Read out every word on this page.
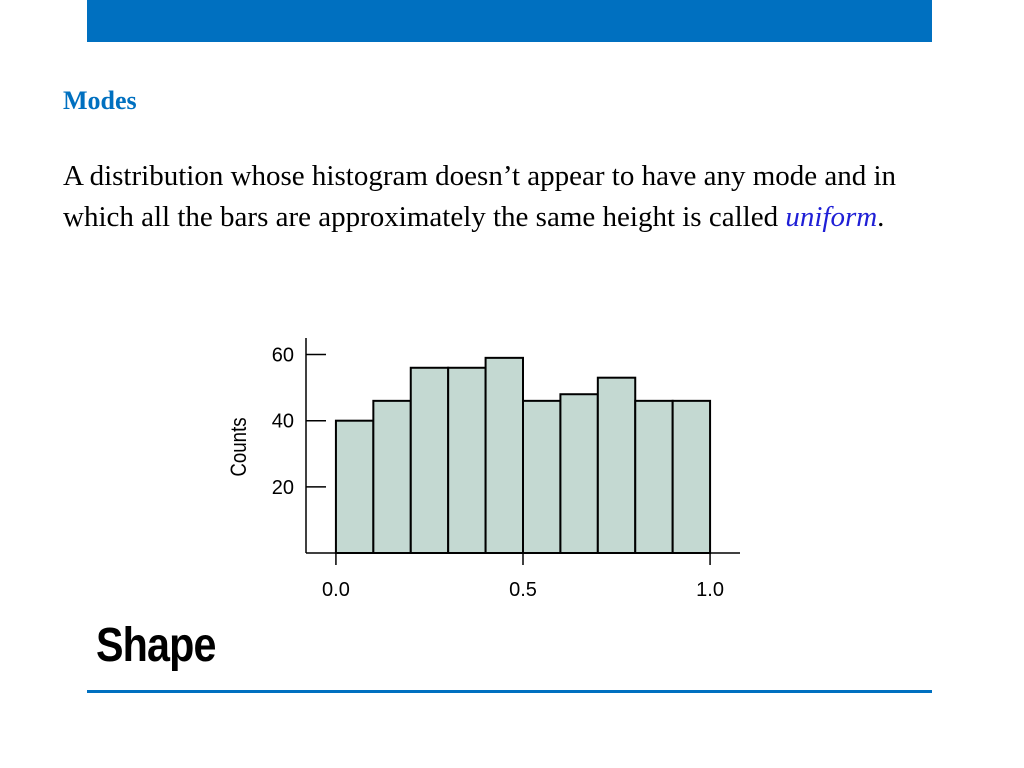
Modes

A distribution whose histogram doesn’t appear to have any mode and in which all the bars are approximately the same height is called uniform.

20
40
60
0.0	0.5	1.0
Counts
Shape
